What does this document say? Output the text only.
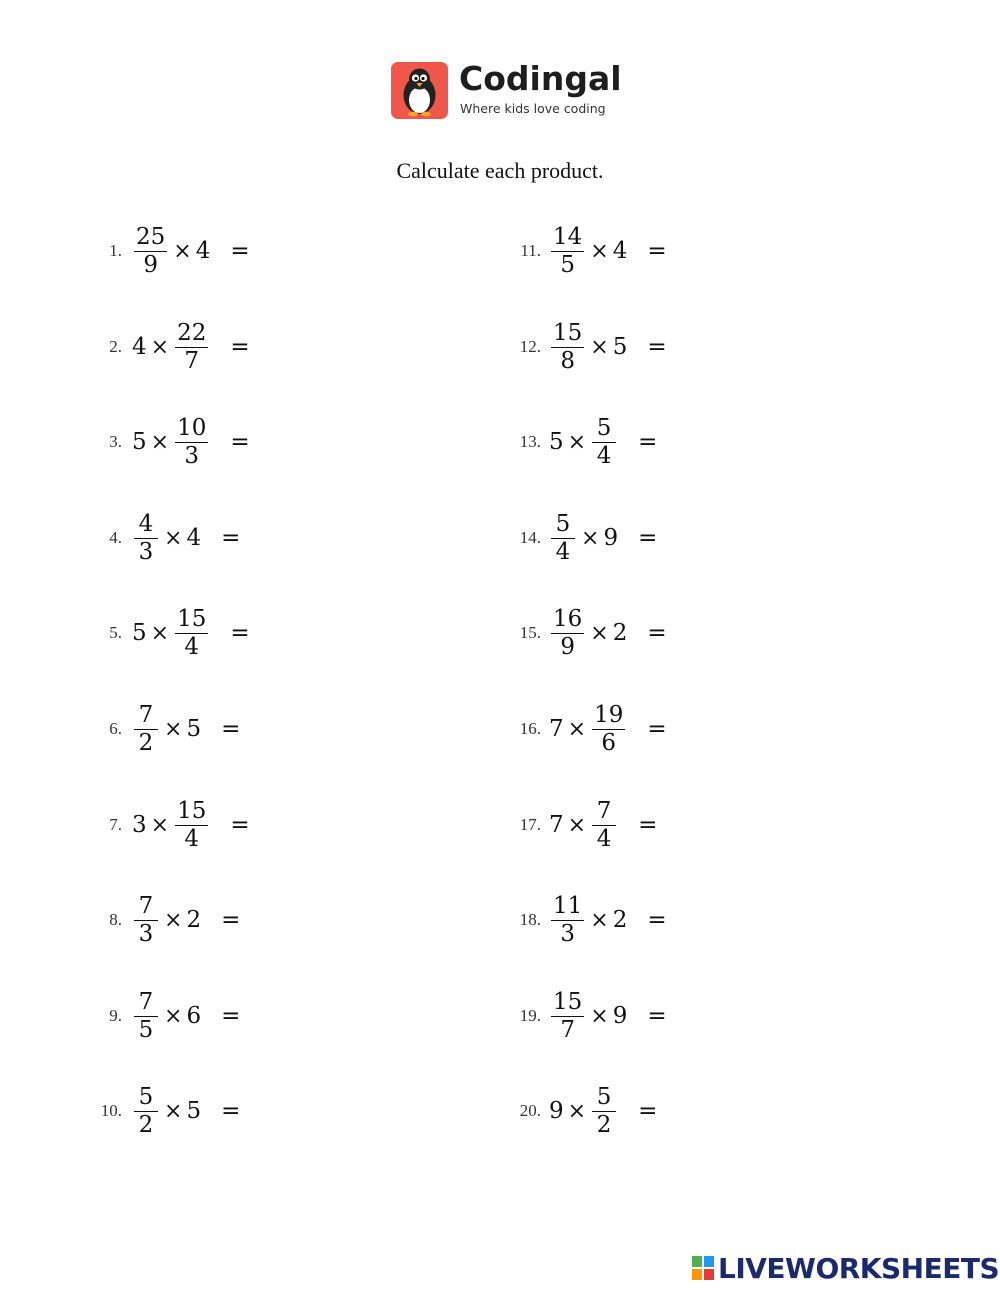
Codingal
Where kids love coding
Calculate each product.
1. $\frac{25}{9} \times 4$ =
2. $4 \times \frac{22}{7}$ =
3. $5 \times \frac{10}{3}$ =
4. $\frac{4}{3} \times 4$ =
5. $5 \times \frac{15}{4}$ =
6. $\frac{7}{2} \times 5$ =
7. $3 \times \frac{15}{4}$ =
8. $\frac{7}{3} \times 2$ =
9. $\frac{7}{5} \times 6$ =
10. $\frac{5}{2} \times 5$ =
11. $\frac{14}{5} \times 4$ =
12. $\frac{15}{8} \times 5$ =
13. $5 \times \frac{5}{4}$ =
14. $\frac{5}{4} \times 9$ =
15. $\frac{16}{9} \times 2$ =
16. $7 \times \frac{19}{6}$ =
17. $7 \times \frac{7}{4}$ =
18. $\frac{11}{3} \times 2$ =
19. $\frac{15}{7} \times 9$ =
20. $9 \times \frac{5}{2}$ =
LIVEWORKSHEETS
